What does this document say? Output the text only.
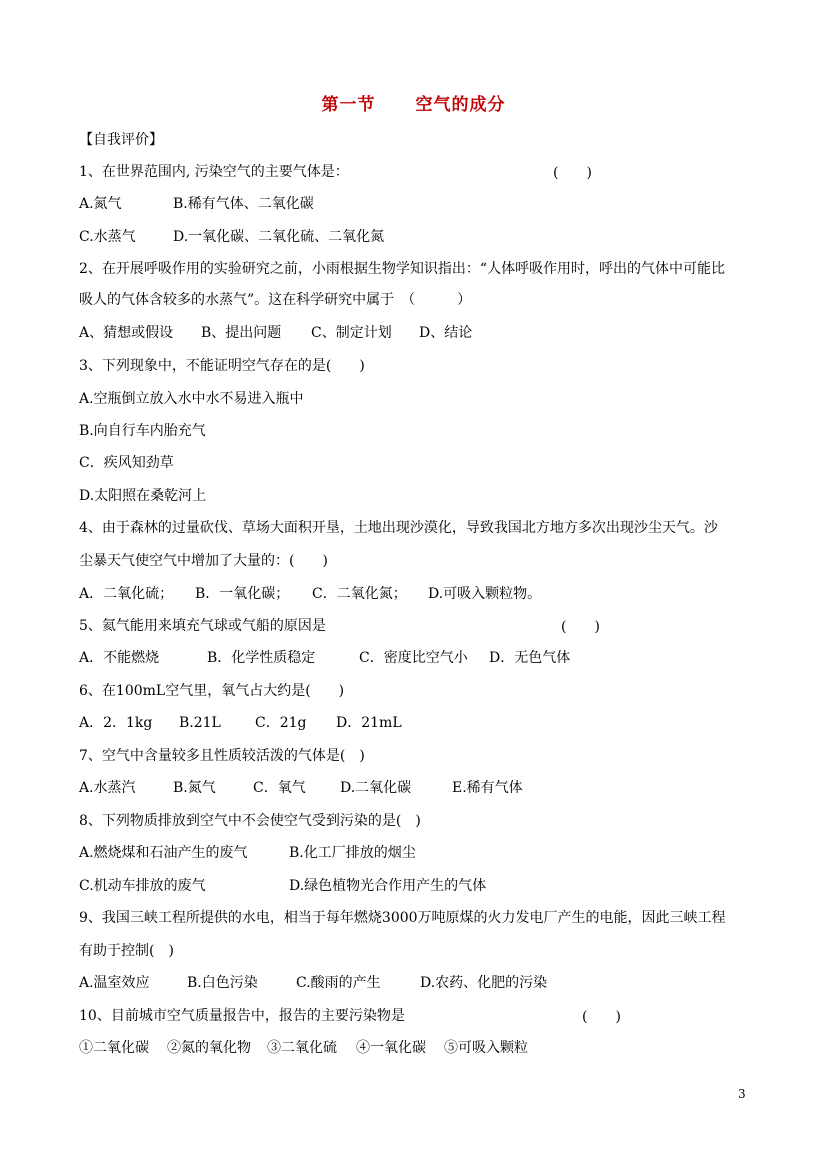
第一节 空气的成分
【自我评价】
1、在世界范围内, 污染空气的主要气体是：	(　　)
A.氮气	B.稀有气体、二氧化碳
C.水蒸气	D.一氧化碳、二氧化硫、二氧化氮
2、在开展呼吸作用的实验研究之前，小雨根据生物学知识指出：“人体呼吸作用时，呼出的气体中可能比
吸人的气体含较多的水蒸气”。这在科学研究中属于　（　　　）
A、猜想或假设 B、提出问题 C、制定计划 D、结论
3、下列现象中，不能证明空气存在的是(　　)
A.空瓶倒立放入水中水不易进入瓶中
B.向自行车内胎充气
C．疾风知劲草
D.太阳照在桑乾河上
4、由于森林的过量砍伐、草场大面积开垦，土地出现沙漠化，导致我国北方地方多次出现沙尘天气。沙
尘暴天气使空气中增加了大量的：(　　)
A．二氧化硫； B．一氧化碳； C．二氧化氮； D.可吸入颗粒物。
5、氦气能用来填充气球或气船的原因是	(　　)
A．不能燃烧	B．化学性质稳定	C．密度比空气小 D．无色气体
6、在100mL空气里，氧气占大约是(　　)
A．2．1kg B.21L C．21g D．21mL
7、空气中含量较多且性质较活泼的气体是(　)
A.水蒸汽	B.氮气	C．氧气 D.二氧化碳	E.稀有气体
8、下列物质排放到空气中不会使空气受到污染的是(　)
A.燃烧煤和石油产生的废气	B.化工厂排放的烟尘
C.机动车排放的废气	D.绿色植物光合作用产生的气体
9、我国三峡工程所提供的水电，相当于每年燃烧3000万吨原煤的火力发电厂产生的电能，因此三峡工程
有助于控制(　)
A.温室效应	B.白色污染	C.酸雨的产生	D.农药、化肥的污染
10、目前城市空气质量报告中，报告的主要污染物是	(　　)
①二氧化碳 ②氮的氧化物 ③二氧化硫 ④一氧化碳 ⑤可吸入颗粒
3
